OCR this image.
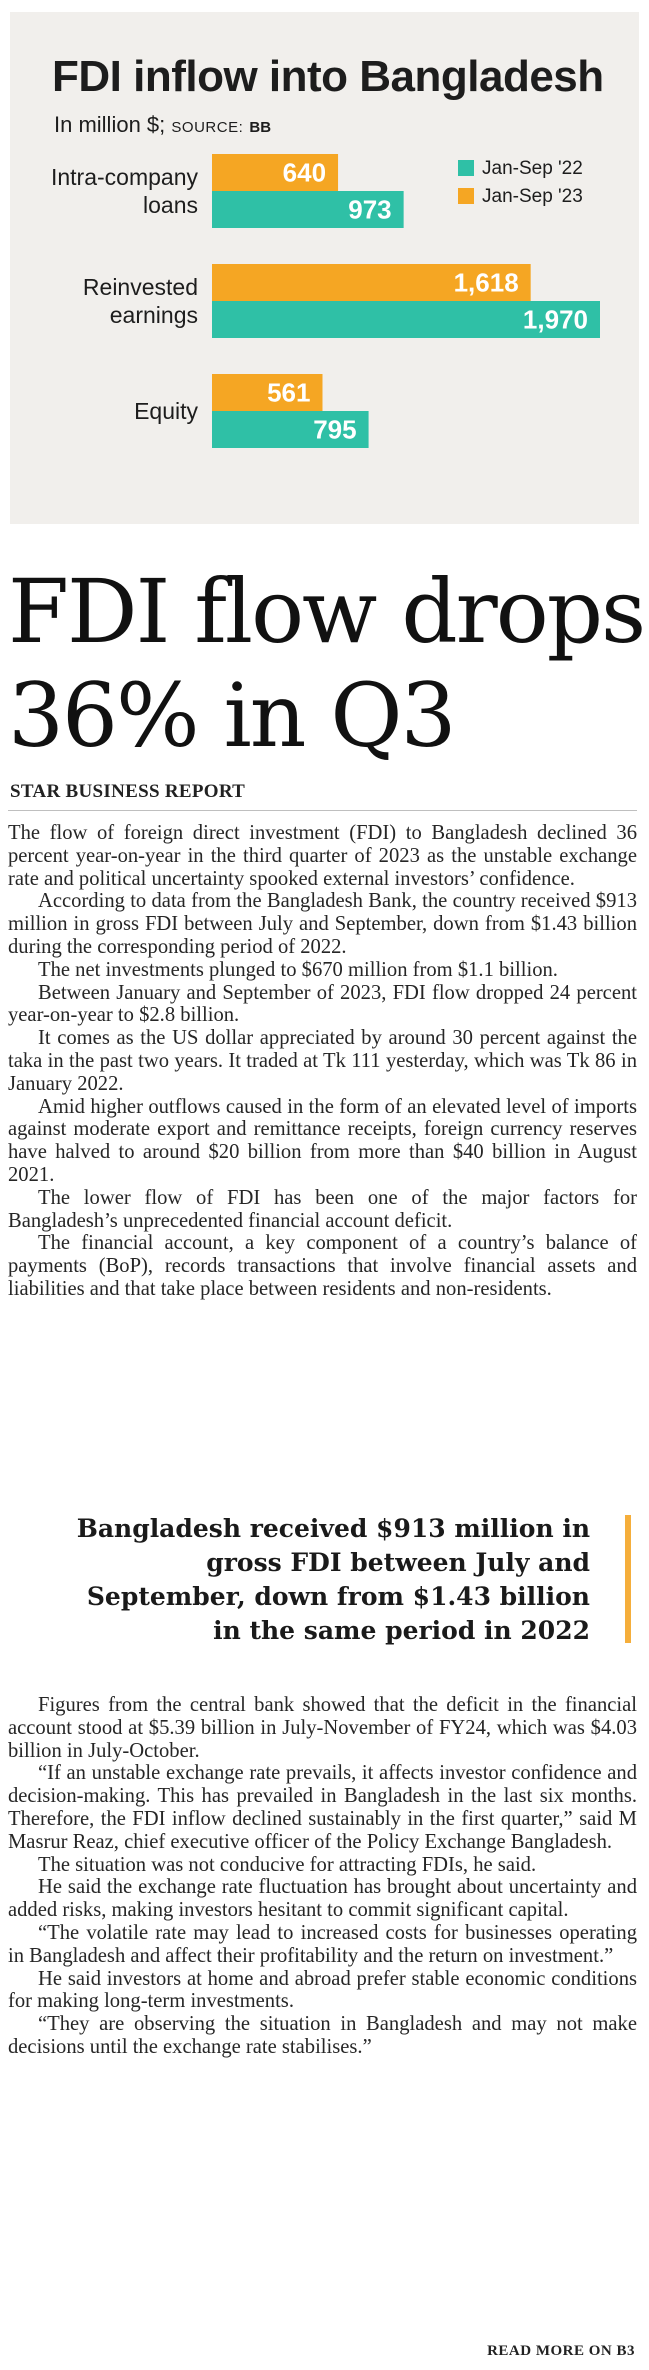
FDI inflow into Bangladesh
In million $; SOURCE: BB
640
973
Intra-company
loans
1,618
1,970
Reinvested
earnings
561
795
Equity
Jan-Sep '22
Jan-Sep '23
FDI flow drops
36% in Q3
STAR BUSINESS REPORT

The flow of foreign direct investment (FDI) to Bangladesh declined 36 percent year-on-year in the third quarter of 2023 as the unstable exchange rate and political uncertainty spooked external investors’ confidence.

According to data from the Bangladesh Bank, the country received $913 million in gross FDI between July and September, down from $1.43 billion during the corresponding period of 2022.

The net investments plunged to $670 million from $1.1 billion.

Between January and September of 2023, FDI flow dropped 24 percent year-on-year to $2.8 billion.

It comes as the US dollar appreciated by around 30 percent against the taka in the past two years. It traded at Tk 111 yesterday, which was Tk 86 in January 2022.

Amid higher outflows caused in the form of an elevated level of imports against moderate export and remittance receipts, foreign currency reserves have halved to around $20 billion from more than $40 billion in August 2021.

The lower flow of FDI has been one of the major factors for Bangladesh’s unprecedented financial account deficit.

The financial account, a key component of a country’s balance of payments (BoP), records transactions that involve financial assets and liabilities and that take place between residents and non-residents.

Bangladesh received $913 million in gross FDI between July and September, down from $1.43 billion in the same period in 2022

Figures from the central bank showed that the deficit in the financial account stood at $5.39 billion in July-November of FY24, which was $4.03 billion in July-October.

“If an unstable exchange rate prevails, it affects investor confidence and decision-making. This has prevailed in Bangladesh in the last six months. Therefore, the FDI inflow declined sustainably in the first quarter,” said M Masrur Reaz, chief executive officer of the Policy Exchange Bangladesh.

The situation was not conducive for attracting FDIs, he said.

He said the exchange rate fluctuation has brought about uncertainty and added risks, making investors hesitant to commit significant capital.

“The volatile rate may lead to increased costs for businesses operating in Bangladesh and affect their profitability and the return on investment.”

He said investors at home and abroad prefer stable economic conditions for making long-term investments.

“They are observing the situation in Bangladesh and may not make decisions until the exchange rate stabilises.”

READ MORE ON B3
